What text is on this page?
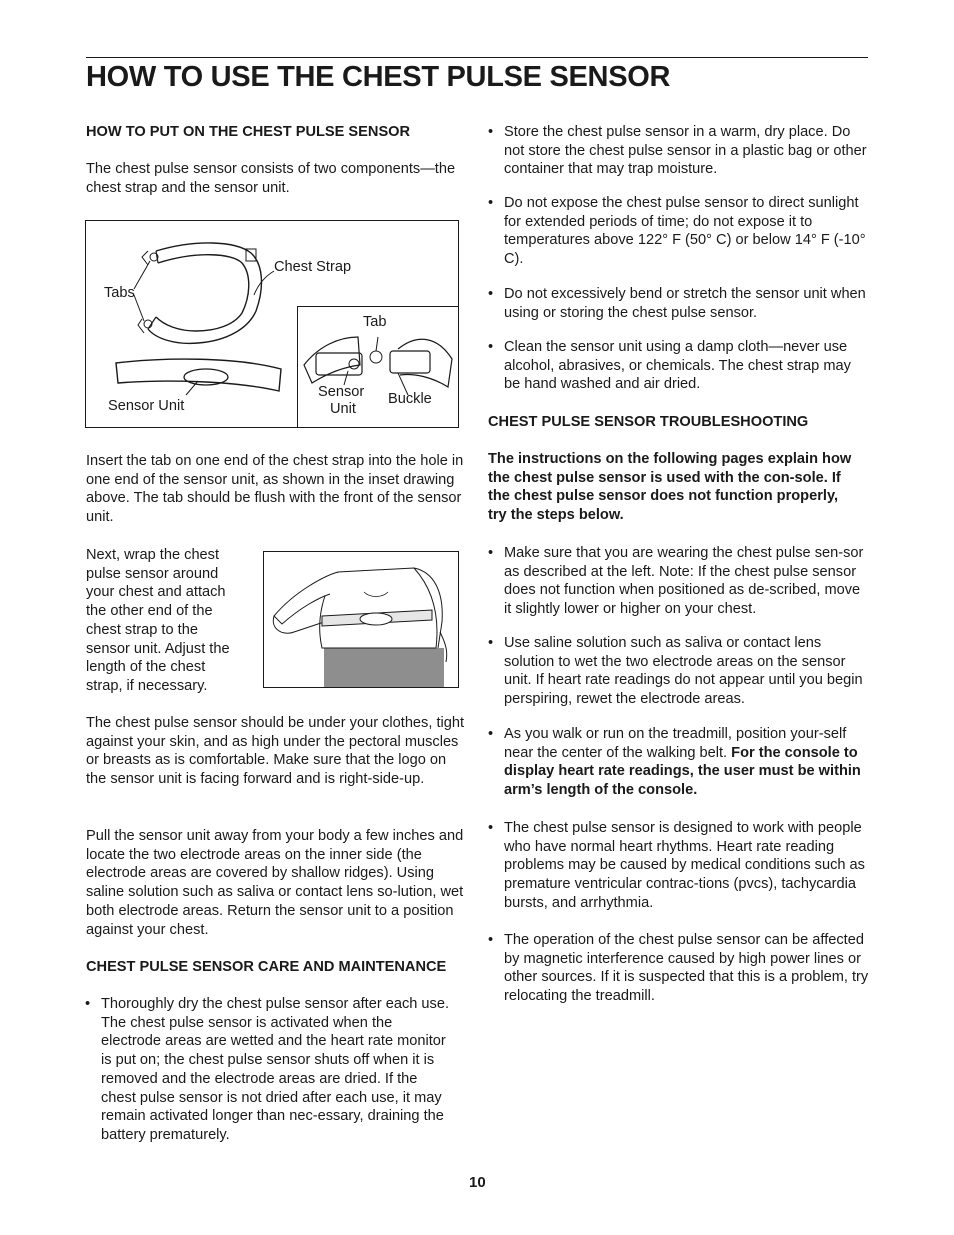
HOW TO USE THE CHEST PULSE SENSOR
HOW TO PUT ON THE CHEST PULSE SENSOR
The chest pulse sensor consists of two components—the chest strap and the sensor unit.
Chest Strap
Tabs
Sensor Unit
Tab
Sensor
Unit
Buckle
Insert the tab on one end of the chest strap into the hole in one end of the sensor unit, as shown in the inset drawing above. The tab should be flush with the front of the sensor unit.
Next, wrap the chest pulse sensor around your chest and attach the other end of the chest strap to the sensor unit. Adjust the length of the chest strap, if necessary.
The chest pulse sensor should be under your clothes, tight against your skin, and as high under the pectoral muscles or breasts as is comfortable. Make sure that the logo on the sensor unit is facing forward and is right-side-up.
Pull the sensor unit away from your body a few inches and locate the two electrode areas on the inner side (the electrode areas are covered by shallow ridges). Using saline solution such as saliva or contact lens so-lution, wet both electrode areas. Return the sensor unit to a position against your chest.
CHEST PULSE SENSOR CARE AND MAINTENANCE
• Thoroughly dry the chest pulse sensor after each use. The chest pulse sensor is activated when the electrode areas are wetted and the heart rate monitor is put on; the chest pulse sensor shuts off when it is removed and the electrode areas are dried. If the chest pulse sensor is not dried after each use, it may remain activated longer than nec-essary, draining the battery prematurely.
• Store the chest pulse sensor in a warm, dry place. Do not store the chest pulse sensor in a plastic bag or other container that may trap moisture.
• Do not expose the chest pulse sensor to direct sunlight for extended periods of time; do not expose it to temperatures above 122° F (50° C) or below 14° F (-10° C).
• Do not excessively bend or stretch the sensor unit when using or storing the chest pulse sensor.
• Clean the sensor unit using a damp cloth—never use alcohol, abrasives, or chemicals. The chest strap may be hand washed and air dried.
CHEST PULSE SENSOR TROUBLESHOOTING
The instructions on the following pages explain how the chest pulse sensor is used with the con-sole. If the chest pulse sensor does not function properly, try the steps below.
• Make sure that you are wearing the chest pulse sen-sor as described at the left. Note: If the chest pulse sensor does not function when positioned as de-scribed, move it slightly lower or higher on your chest.
• Use saline solution such as saliva or contact lens solution to wet the two electrode areas on the sensor unit. If heart rate readings do not appear until you begin perspiring, rewet the electrode areas.
• As you walk or run on the treadmill, position your-self near the center of the walking belt. For the console to display heart rate readings, the user must be within arm’s length of the console.
• The chest pulse sensor is designed to work with people who have normal heart rhythms. Heart rate reading problems may be caused by medical conditions such as premature ventricular contrac-tions (pvcs), tachycardia bursts, and arrhythmia.
• The operation of the chest pulse sensor can be affected by magnetic interference caused by high power lines or other sources. If it is suspected that this is a problem, try relocating the treadmill.
10
